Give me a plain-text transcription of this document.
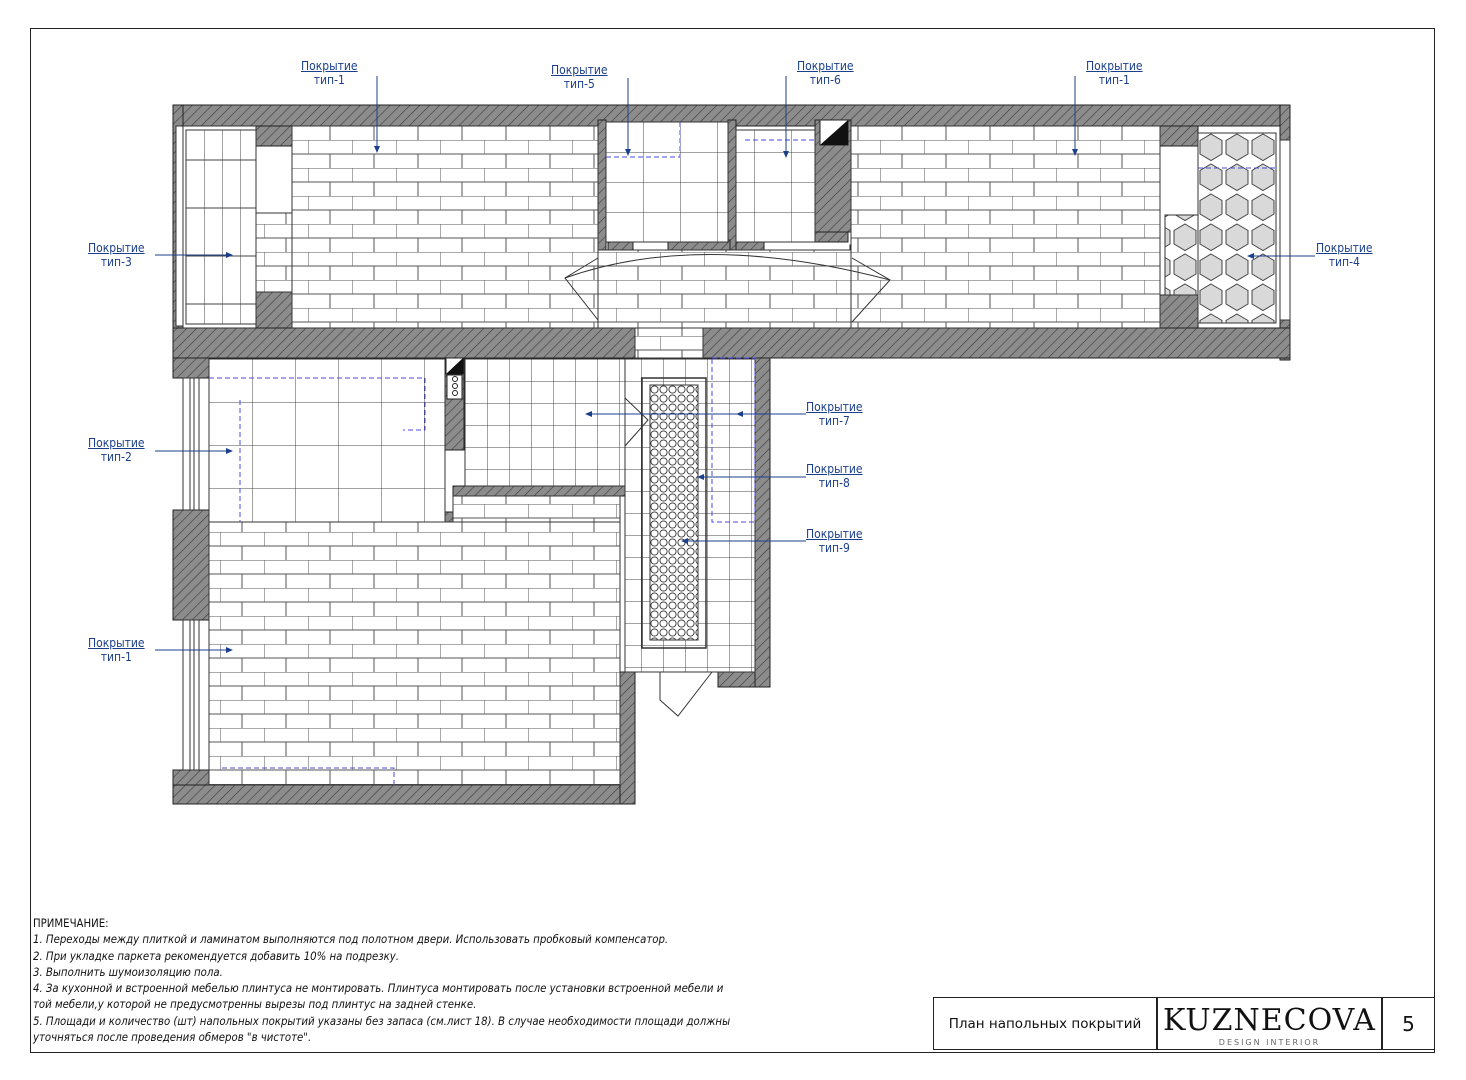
Покрытие
тип-1
Покрытие
тип-5
Покрытие
тип-6
Покрытие
тип-1
Покрытие
тип-3
Покрытие
тип-4
Покрытие
тип-2
Покрытие
тип-7
Покрытие
тип-8
Покрытие
тип-9
Покрытие
тип-1
ПРИМЕЧАНИЕ:
1. Переходы между плиткой и ламинатом выполняются под полотном двери. Использовать пробковый компенсатор.
2. При укладке паркета рекомендуется добавить 10% на подрезку.
3. Выполнить шумоизоляцию пола.
4. За кухонной и встроенной мебелью плинтуса не монтировать. Плинтуса монтировать после установки встроенной мебели и
той мебели,у которой не предусмотренны вырезы под плинтус на задней стенке.
5. Площади и количество (шт) напольных покрытий указаны без запаса (см.лист 18). В случае необходимости площади должны
уточняться после проведения обмеров "в чистоте".
План напольных покрытий KUZNECOVA
DESIGN INTERIOR
5
